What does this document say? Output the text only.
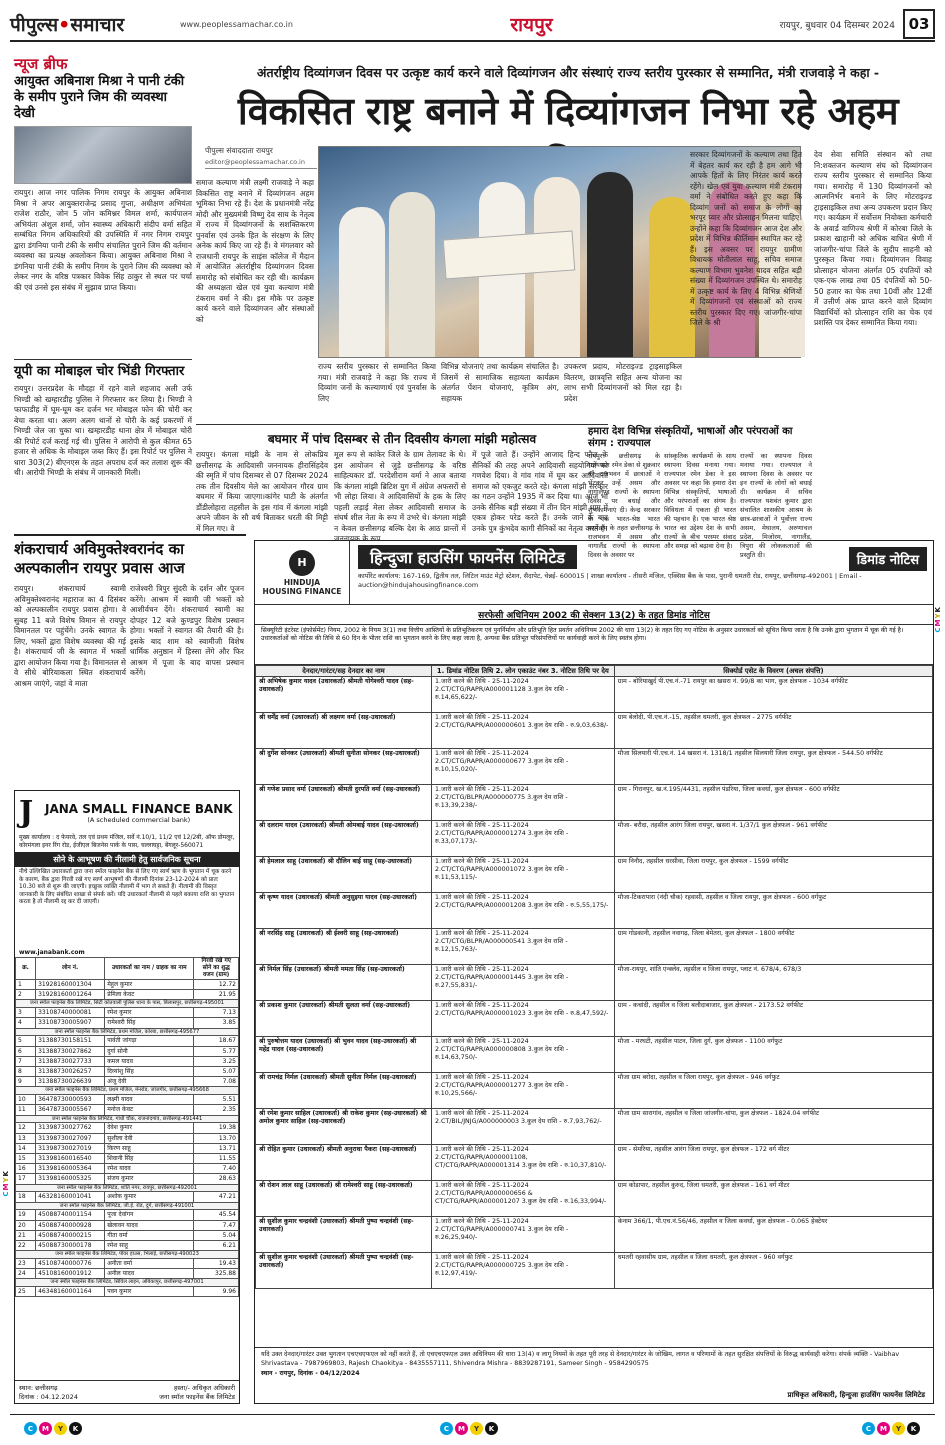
पीपुल्स•समाचार	www.peoplessamachar.co.in	रायपुर	रायपुर, बुधवार 04 दिसम्बर 2024 03
न्यूज ब्रीफ
आयुक्त अबिनाश मिश्रा ने पानी टंकी के समीप पुराने जिम की व्यवस्था देखी
रायपुर। आज नगर पालिक निगम रायपुर के आयुक्त अबिनाश मिश्रा ने अपर आयुक्तराजेन्द्र प्रसाद गुप्ता, अधीक्षण अभियंता राजेश राठौर, जोन 5 जोन कमिश्नर विमल शर्मा, कार्यपालन अभियंता अंशुल शर्मा, जोन स्वास्थ्य अधिकारी संदीप वर्मा सहित सम्बंधित निगम अधिकारियों की उपस्थिति में नगर निगम रायपुर द्वारा डंगनिया पानी टंकी के समीप संचालित पुराने जिम की वर्तमान व्यवस्था का प्रत्यक्ष अवलोकन किया। आयुक्त अबिनाश मिश्रा ने डंगनिया पानी टंकी के समीप निगम के पुराने जिम की व्यवस्था को लेकर नगर के वरिष्ठ पत्रकार विवेक सिंह ठाकुर से स्थल पर चर्चा की एवं उनसे इस संबंध में सुझाव प्राप्त किया।
यूपी का मोबाइल चोर भिंडी गिरफ्तार
रायपुर। उत्तरप्रदेश के मौदहा में रहने वाले शहजाद अली उर्फ भिण्डी को खम्हारडीह पुलिस ने गिरफ्तार कर लिया है। भिण्डी ने फाफाडीह में घूम-घूम कर दर्जन भर मोबाइल फोन की चोरी कर बेचा करता था। अलग अलग थानों से चोरी के कई प्रकरणों में भिण्डी जेल जा चुका था। खम्हारडीह थाना क्षेत्र में मोबाइल चोरी की रिपोर्ट दर्ज कराई गई थी। पुलिस ने आरोपी से कुल कीमत 65 हजार से अधिक के मोबाइल जब्त किए हैं। इस रिपोर्ट पर पुलिस ने धारा 303(2) बीएनएस के तहत अपराध दर्ज कर तलाश शुरू की थी। आरोपी भिण्डी के संबंध में जानकारी मिली।
अंतर्राष्ट्रीय दिव्यांगजन दिवस पर उत्कृष्ट कार्य करने वाले दिव्यांगजन और संस्थाएं राज्य स्तरीय पुरस्कार से सम्मानित, मंत्री राजवाड़े ने कहा -
विकसित राष्ट्र बनाने में दिव्यांगजन निभा रहे अहम
पीपुल्स संवाददाता रायपुर
editor@peoplessamachar.co.in
समाज कल्याण मंत्री लक्ष्मी राजवाड़े ने कहा विकसित राष्ट्र बनाने में दिव्यांगजन अहम भूमिका निभा रहे हैं। देश के प्रधानमंत्री नरेंद्र मोदी और मुख्यमंत्री विष्णु देव साय के नेतृत्व में राज्य में दिव्यांगजनों के सशक्तिकरण पुनर्वास एवं उनके हित के संरक्षण के लिए अनेक कार्य किए जा रहे हैं। वे मंगलवार को राजधानी रायपुर के साइंस कॉलेज में मैदान में आयोजित अंतर्राष्ट्रीय दिव्यांगजन दिवस समारोह को संबोधित कर रही थी। कार्यक्रम की अध्यक्षता खेल एवं युवा कल्याण मंत्री टंकराम वर्मा ने की। इस मौके पर उत्कृष्ट कार्य करने वाले दिव्यांगजन और संस्थाओं को
राज्य स्तरीय पुरस्कार से सम्मानित किया गया। मंत्री राजवाड़े ने कहा कि राज्य में दिव्यांग जनों के कल्याणार्थ एवं पुनर्वास के लिए
विभिन्न योजनाएं तथा कार्यक्रम संचालित है। जिसमें से सामाजिक सहायता कार्यक्रम अंतर्गत पेंशन योजनाएं, कृत्रिम अंग, सहायक
उपकरण प्रदाय, मोटराइज्ड ट्राइसाइकिल वितरण, छात्रवृत्ति सहित अन्य योजना का लाभ सभी दिव्यांगजनों को मिल रहा है। प्रदेश
सरकार दिव्यांगजनों के कल्याण तथा हित में बेहतर कार्य कर रही है हम आगे भी आपके हितों के लिए निरंतर कार्य करते रहेंगे। खेल एवं युवा कल्याण मंत्री टंकराम वर्मा ने संबोधित करते हुए कहा कि दिव्यांग जनों को समाज के लोगों का भरपूर प्यार और प्रोत्साहन मिलना चाहिए। उन्होंने कहा कि दिव्यांगजन आज देश और प्रदेश में विभिन्न कीर्तिमान स्थापित कर रहे हैं। इस अवसर पर रायपुर ग्रामीण विधायक मोतीलाल साहू, सचिव समाज कल्याण विभाग भुवनेश यादव सहित बड़ी संख्या में दिव्यांगजन उपस्थित थे। समारोह में उत्कृष्ट कार्य के लिए 4 विभिन्न श्रेणियों में दिव्यांगजनों एवं संस्थाओं को राज्य स्तरीय पुरस्कार दिए गए। जांजगीर-चांपा जिले के श्री
देव सेवा समिति संस्थान को तथा नि:शक्तजन कल्याण संघ को दिव्यांगजन राज्य स्तरीय पुरस्कार से सम्मानित किया गया। समारोह में 130 दिव्यांगजनों को आत्मनिर्भर बनाने के लिए मोटराइज्ड ट्राइसाइकिल तथा अन्य उपकरण प्रदान किए गए। कार्यक्रम में सर्वोत्तम नियोक्ता कर्मचारी के अवार्ड वाणिज्य श्रेणी में कोरबा जिले के प्रकाश खाहानी को अधिक बाधित श्रेणी में जांजगीर-चांपा जिले के सुदीप साहनी को पुरस्कृत किया गया। दिव्यांगजन विवाह प्रोत्साहन योजना अंतर्गत 05 दंपतियों को एक-एक लाख तथा 05 दंपतियों को 50-50 हजार का चेक तथा 10वीं और 12वीं में उत्तीर्ण अंक प्राप्त करने वाले दिव्यांग विद्यार्थियों को प्रोत्साहन राशि का चेक एवं प्रशस्ति पत्र देकर सम्मानित किया गया।
बघमार में पांच दिसम्बर से तीन दिवसीय कंगला मांझी महोत्सव
रायपुर। कंगला मांझी के नाम से लोकप्रिय छत्तीसगढ़ के आदिवासी जननायक हीरासिंहदेव की स्मृति में पांच दिसम्बर से 07 दिसम्बर 2024 तक तीन दिवसीय मेले का आयोजन गौरव ग्राम बघमार में किया जाएगा।कांगेर घाटी के अंतर्गत डौंडीलोहारा तहसील के इस गांव में कंगला मांझी अपने जीवन के सौ वर्ष बिताकर धरती की मिट्टी में मिल गए। वे
मूल रूप से कांकेर जिले के ग्राम तेलावट के थे। इस आयोजन से जुड़े छत्तीसगढ़ के वरिष्ठ साहित्यकार डॉ. परदेशीराम वर्मा ने आज बताया कि कंगला मांझी ब्रिटिश युग में अंग्रेज अफसरों से भी लोहा लिया। वे आदिवासियों के हक के लिए पहली लड़ाई मेला लेकर आदिवासी समाज के संघर्ष शील नेता के रूप में उभरे थे। कंगला मांझी न केवल छत्तीसगढ़ बल्कि देश के आठ प्रान्तों में जननायक के रूप
में पूजे जाते हैं। उन्होंने आजाद हिन्द फौज के सैनिकों की तरह अपने आदिवासी सहयोगियों को गणवेश दिया। वे गांव गांव में घूम कर आदिवासी समाज को एकजुट करते रहे। कंगला मांझी सरकार का गठन उन्होंने 1935 में कर दिया था। आज भी उनके सैनिक बड़ी संख्या में तीन दिन मांझी धाम में एकत्र होकर परेड करते हैं। उनके जाने के बाद उनके पुत्र कुंभदेव कागी सैनिकों का नेतृत्व करते हैं।
हमारा देश विभिन्न संस्कृतियों, भाषाओं और परंपराओं का संगम : राज्यपाल
रायपुर। छत्तीसगढ़ के राज्यपाल रमेन डेका से शुक्रवार को राजभवन में छात्राओं ने भेंटकर उन्हें असम और नागालैण्ड राज्यों के स्थापना दिवस पर बधाई और शुभकामनाएं दी। केन्द्र सरकार के एक भारत-श्रेष्ठ भारत कार्यक्रम के तहत छत्तीसगढ़ के राजभवन में असम और नागालैंड राज्यों के स्थापना दिवस के अवसर पर
सांस्कृतिक कार्यक्रमों के साथ स्थापना दिवस मनाया गया। राज्यपाल रमेन डेका ने इस अवसर पर कहा कि हमारा देश विभिन्न संस्कृतियों, भाषाओं और परंपराओं का संगम है। विविधता में एकता ही भारत की पहचान है। एक भारत श्रेष्ठ भारत का उद्देश्य देश के सभी राज्यों के बीच परस्पर संवाद और समझ को बढ़ावा देना है।
राज्यों का स्थापना दिवस मनाया गया। राज्यपाल ने स्थापना दिवस के अवसर पर इन राज्यों के लोगों को बधाई दी। कार्यक्रम में सचिव राज्यपाल यशवंत कुमार द्वारा संचालित शासकीय आश्रम के छात्र-छात्राओं ने पूर्वोत्तर राज्य असम, मेघालय, अरुणाचल प्रदेश, मिजोरम, नागालैंड, त्रिपुरा की लोककलाओं की प्रस्तुति दी।
शंकराचार्य अविमुक्तेश्वरानंद का अल्पकालीन रायपुर प्रवास आज
रायपुर। शंकराचार्य स्वामी अविमुक्तेश्वरानंद महाराज का 4 दिसंबर को अल्पकालीन रायपुर प्रवास होगा। वे सुबह 11 बजे विशेष विमान से रायपुर विमानतल पर पहुंचेंगे। उनके स्वागत के लिए, भक्तों द्वारा विशेष व्यवस्था की गई है। शंकराचार्य जी के स्वागत में भक्तों द्वारा आयोजन किया गया है। विमानतल से वे सीधे बोरियाकला स्थित शंकराचार्य आश्रम जाएंगे, जहां वे माता
राजेश्वरी त्रिपुर सुंदरी के दर्शन और पूजन करेंगे। आश्रम में स्वामी जी भक्तों को आशीर्वचन देंगे। शंकराचार्य स्वामी का दोपहर 12 बजे कुण्डपुर विशेष प्रस्थान होगा। भक्तों ने स्वागत की तैयारी की है। इसके बाद शाम को स्वामीजी विशेष धार्मिक अनुष्ठान में हिस्सा लेंगे और फिर आश्रम में पूजा के बाद वापस प्रस्थान करेंगे।
H
HINDUJA
HOUSING FINANCE
हिन्दुजा हाउसिंग फायनेंस लिमिटेड
कार्पोरेट कार्यालय: 167-169, द्वितीय तल, लिटिल माउंट मेट्रो स्टेशन, सैदापेट, चेन्नई- 600015 | शाखा कार्यालय - तीसरी मंजिल, एक्सिस बैंक के पास, पुरानी धमतरी रोड, रायपुर, छत्तीसगढ़-492001 | Email - auction@hindujahousingfinance.com
डिमांड नोटिस
सरफेसी अधिनियम 2002 की सेक्शन 13(2) के तहत डिमांड नोटिस
सिक्यूरिटी इंटरेस्ट (इंफोर्समेंट) नियम, 2002 के नियम 3(1) तथा वित्तीय आस्तियों के प्रतिभूतिकरण एवं पुनर्निर्माण और प्रतिभूति हित प्रवर्तन अधिनियम 2002 की धारा 13(2) के तहत दिए गए नोटिस के अनुसार उधारकर्ता को सूचित किया जाता है कि उनके द्वारा भुगतान में चूक की गई है। उधारकर्ताओं को नोटिस की तिथि से 60 दिन के भीतर राशि का भुगतान करने के लिए कहा जाता है, अन्यथा बैंक प्रतिभूत परिसंपत्तियों पर कार्यवाही करने के लिए स्वतंत्र होगा।
देनदार/गारंटर/सह देनदार का नाम	1. डिमांड नोटिस तिथि 2. लोन एकाउंट नंबर 3. नोटिस तिथि पर देय	सिक्योर्ड एसेट के विवरण (अचल संपत्ति)
श्री अभिषेक कुमार यादव (उधारकर्ता) श्रीमती योगेश्वरी यादव (सह-उधारकर्ता)	1.जारी करने की तिथि - 25-11-2024 2.CT/CTG/RAPR/A000001128 3.कुल देय राशि - रु.14,65,622/-	ग्राम - बोरियाखुर्द पी.एच.नं.-71 रायपुर का खसरा नं. 99/8 का भाग, कुल क्षेत्रफल - 1034 वर्गफीट
श्री धर्मेंद्र वर्मा (उधारकर्ता) श्री लक्ष्मण वर्मा (सह-उधारकर्ता)	1.जारी करने की तिथि - 25-11-2024 2.CT/CTG/RAPR/A000000601 3.कुल देय राशि - रु.9,03,638/-	ग्राम बेलोदी, पी.एच.नं.-15, तहसील धमतरी, कुल क्षेत्रफल - 2775 वर्गफीट
श्री दुर्गेश सोनकर (उधारकर्ता) श्रीमती सुनीता सोनकर (सह-उधारकर्ता)	1.जारी करने की तिथि - 25-11-2024 2.CT/CTG/RAPR/A000000677 3.कुल देय राशि - रु.10,15,020/-	मौजा सिलयारी पी.एच.नं. 14 खसरा नं. 1318/1 तहसील सिलयारी जिला रायपुर, कुल क्षेत्रफल - 544.50 वर्गफीट
श्री गणेश प्रसाद वर्मा (उधारकर्ता) श्रीमती दुरपति वर्मा (सह-उधारकर्ता)	1.जारी करने की तिथि - 25-11-2024 2.CT/CTG/BLPR/A000000775 3.कुल देय राशि - रु.13,39,238/-	ग्राम - गिरानपुर, ख.नं.195/4431, तहसील पंडरिया, जिला कवर्धा, कुल क्षेत्रफल - 600 वर्गफीट
श्री दलराम यादव (उधारकर्ता) श्रीमती ओमबाई यादव (सह-उधारकर्ता)	1.जारी करने की तिथि - 25-11-2024 2.CT/CTG/RAPR/A000001274 3.कुल देय राशि - रु.33,07,173/-	मौजा- बरौदा, तहसील आरंग जिला रायपुर, खसरा नं. 1/37/1 कुल क्षेत्रफल - 961 वर्गफीट
श्री हेमलाल साहू (उधारकर्ता) श्री दौलिन बाई साहू (सह-उधारकर्ता)	1.जारी करने की तिथि - 25-11-2024 2.CT/CTG/RAPR/A000001072 3.कुल देय राशि - रु.11,53,115/-	ग्राम निनौद, तहसील धरसीवा, जिला रायपुर, कुल क्षेत्रफल - 1599 वर्गफीट
श्री कृष्ण यादव (उधारकर्ता) श्रीमती अनुसुइया यादव (सह-उधारकर्ता)	1.जारी करने की तिथि - 25-11-2024 2.CT/CTG/RAPR/A000001208 3.कुल देय राशि - रु.5,55,175/-	मौजा-टिकरापारा (नंदी चौक) रहवासी, तहसील व जिला रायपुर, कुल क्षेत्रफल - 600 वर्गफुट
श्री नरसिंह साहू (उधारकर्ता) श्री ईश्वरी साहू (सह-उधारकर्ता)	1.जारी करने की तिथि - 25-11-2024 2.CT/CTG/BLPR/A000000541 3.कुल देय राशि - रु.12,15,763/-	ग्राम गोडकानी, तहसील नवागढ़, जिला बेमेतरा, कुल क्षेत्रफल - 1800 वर्गफीट
श्री निर्मल सिंह (उधारकर्ता) श्रीमती ममता सिंह (सह-उधारकर्ता)	1.जारी करने की तिथि - 25-11-2024 2.CT/CTG/RAPR/A000001445 3.कुल देय राशि - रु.27,55,831/-	मौजा-रायपुर, शांति एन्क्लेव, तहसील व जिला रायपुर, प्लाट नं. 678/4, 678/3
श्री प्रकाश कुमार (उधारकर्ता) श्रीमती सुलता वर्मा (सह-उधारकर्ता)	1.जारी करने की तिथि - 25-11-2024 2.CT/CTG/RAPR/A000001023 3.कुल देय राशि - रु.8,47,592/-	ग्राम - कचांदी, तहसील व जिला बलौदाबाजार, कुल क्षेत्रफल - 2173.52 वर्गफीट
श्री पुरुषोत्तम यादव (उधारकर्ता) श्री भुवन यादव (सह-उधारकर्ता) श्री महेंद्र यादव (सह-उधारकर्ता)	1.जारी करने की तिथि - 25-11-2024 2.CT/CTG/RAPR/A000000808 3.कुल देय राशि - रु.14,63,750/-	मौजा - मरघटी, तहसील पाटन, जिला दुर्ग, कुल क्षेत्रफल - 1100 वर्गफुट
श्री रामचंद्र निर्मल (उधारकर्ता) श्रीमती सुनीता निर्मल (सह-उधारकर्ता)	1.जारी करने की तिथि - 25-11-2024 2.CT/CTG/RAPR/A000001277 3.कुल देय राशि - रु.10,25,566/-	मौजा ग्राम बरोदा, तहसील व जिला रायपुर, कुल क्षेत्रफल - 946 वर्गफुट
श्री रमेश कुमार साहिल (उधारकर्ता) श्री राकेश कुमार (सह-उधारकर्ता) श्री अमोल कुमार साहिल (सह-उधारकर्ता)	1.जारी करने की तिथि - 25-11-2024 2.CT/BIL/JNJG/A000000003 3.कुल देय राशि - रु.7,93,762/-	मौजा ग्राम सारागांव, तहसील व जिला जांजगीर-चांपा, कुल क्षेत्रफल - 1824.04 वर्गफीट
श्री रोहित कुमार (उधारकर्ता) श्रीमती अनुराधा पैकरा (सह-उधारकर्ता)	1.जारी करने की तिथि - 25-11-2024 2.CT/CTG/RAPR/A000001108, CT/CTG/RAPR/A000001314 3.कुल देय राशि - रु.10,37,810/-	ग्राम - सेमरिया, तहसील आरंग जिला रायपुर, कुल क्षेत्रफल - 172 वर्ग मीटर
श्री रोशन लाल साहू (उधारकर्ता) श्री रामेश्वरी साहू (सह-उधारकर्ता)	1.जारी करने की तिथि - 25-11-2024 2.CT/CTG/RAPR/A000000656 & CT/CTG/RAPR/A000001207 3.कुल देय राशि - रु.16,33,994/-	ग्राम कोडापार, तहसील कुरुद, जिला धमतरी, कुल क्षेत्रफल - 161 वर्ग मीटर
श्री सुशील कुमार चन्द्रवंशी (उधारकर्ता) श्रीमती पुष्पा चन्द्रवंशी (सह-उधारकर्ता)	1.जारी करने की तिथि - 25-11-2024 2.CT/CTG/RAPR/A000000741 3.कुल देय राशि - रु.26,25,940/-	केनाम 366/1, पी.एच.नं.56/46, तहसील व जिला कवर्धा, कुल क्षेत्रफल - 0.065 हेक्टेयर
श्री सुशील कुमार चन्द्रवंशी (उधारकर्ता) श्रीमती पुष्पा चन्द्रवंशी (सह-उधारकर्ता)	1.जारी करने की तिथि - 25-11-2024 2.CT/CTG/RAPR/A000000725 3.कुल देय राशि - रु.12,97,419/-	धमतरी रहवासीय ग्राम, तहसील व जिला धमतरी, कुल क्षेत्रफल - 960 वर्गफुट
यदि उक्त देनदार/गारंटर उक्त भुगतान एचएचएफएल को नहीं करते हैं, तो एचएचएफएल उक्त अधिनियम की धारा 13(4) व लागू नियमों के तहत पूरी तरह से देनदार/गारंटर के जोखिम, लागत व परिणामों के तहत सुरक्षित संपत्तियों के विरुद्ध कार्यवाही करेगा। संपर्क व्यक्ति - Vaibhav Shrivastava - 7987969803, Rajesh Chaokitya - 8435557111, Shivendra Mishra - 8839287191, Sameer Singh - 9584290575
स्थान - रायपुर, दिनांक - 04/12/2024
प्राधिकृत अधिकारी, हिन्दुजा हाउसिंग फायनेंस लिमिटेड
J JANA SMALL FINANCE BANK
(A scheduled commercial bank)
मुख्य कार्यालय : द फेयरवे, तल एवं प्रथम मंजिल, सर्वे नं.10/1, 11/2 एवं 12/2बी, ऑफ डोमलूर, कोरमंगला इनर रिंग रोड, ईजीएल बिजनेस पार्क के पास, चल्लाघट्टा, बेंगलूर-560071
सोने के आभूषण की नीलामी हेतु सार्वजनिक सूचना
नीचे उल्लिखित उधारकर्ता द्वारा जना स्मॉल फाइनेंस बैंक से लिए गए स्वर्ण ऋण के भुगतान में चूक करने के कारण, बैंक द्वारा गिरवी रखे गए स्वर्ण आभूषणों की नीलामी दिनांक 23-12-2024 को प्रातः 10.30 बजे से शुरू की जाएगी। इच्छुक व्यक्ति नीलामी में भाग ले सकते हैं। नीलामी की विस्तृत जानकारी के लिए संबंधित शाखा से संपर्क करें। यदि उधारकर्ता नीलामी से पहले बकाया राशि का भुगतान करता है तो नीलामी रद्द कर दी जाएगी।
www.janabank.com
क्र.	लोन नं.	उधारकर्ता का नाम / ग्राहक का नाम	गिरवी रखे गए सोने का शुद्ध वजन (ग्राम)
1	31928160001304	मेहुल कुमार	12.72
2	31928160001264	प्रेमिला केवट	21.95
जना स्मॉल फाइनेंस बैंक लिमिटेड, सिटी कोतवाली पुलिस थाना के पास, बिलासपुर, छत्तीसगढ़-495001			
3	33108740000081	रमेश कुमार	7.13
4	33108730005907	रामेश्वरी सिंह	3.85
जना स्मॉल फाइनेंस बैंक लिमिटेड, प्रथम मंजिल, कोरबा, छत्तीसगढ़-495677			
5	31388730158151	पार्वती जांगड़ा	18.67
6	31388730027862	दुर्गा सोनी	5.77
7	31388730027733	कमल यादव	3.25
8	31388730026257	दिव्यांशु सिंह	5.07
9	31388730026639	अंजू देवी	7.08
जना स्मॉल फाइनेंस बैंक लिमिटेड, प्रथम मंजिल, मेनरोड, जांजगीर, छत्तीसगढ़-495668			
10	36478730000593	लक्ष्मी यादव	5.51
11	36478730005567	मनोज केवट	2.35
जना स्मॉल फाइनेंस बैंक लिमिटेड, गांधी चौक, राजनांदगांव, छत्तीसगढ़-491441			
12	31398730027762	देवेश कुमार	19.38
13	31398730027097	सुशीला देवी	13.70
14	31398730027019	किरण साहू	13.71
15	31398160016540	शिवानी सिंह	11.55
16	31398160005364	रमेश यादव	7.40
17	31398160005325	संजय कुमार	28.63
जना स्मॉल फाइनेंस बैंक लिमिटेड, शांति नगर, रायपुर, छत्तीसगढ़-492001			
18	46328160001041	अशोक कुमार	47.21
जना स्मॉल फाइनेंस बैंक लिमिटेड, जी.ई. रोड, दुर्ग, छत्तीसगढ़-491001			
19	45088740001154	पूजा देवांगन	45.54
20	45088740000928	खेलावन यादव	7.47
21	45088740000215	गीता वर्मा	5.04
22	45088730000178	रमेश साहू	6.21
जना स्मॉल फाइनेंस बैंक लिमिटेड, पॉवर हाउस, भिलाई, छत्तीसगढ़-490023			
23	45108740000776	अनीता वर्मा	19.43
24	45108160001912	अनील यादव	325.88
जना स्मॉल फाइनेंस बैंक लिमिटेड, सिविल लाइन, अंबिकापुर, छत्तीसगढ़-497001			
25	46348160001164	पवन कुमार	9.96
स्थान: छत्तीसगढ़
दिनांक : 04.12.2024
हस्ता/- अधिकृत अधिकारी
जना स्मॉल फाइनेंस बैंक लिमिटेड
C	M	Y	K	C	M	Y	K	C	M	Y	K
CMYK
CMYK
